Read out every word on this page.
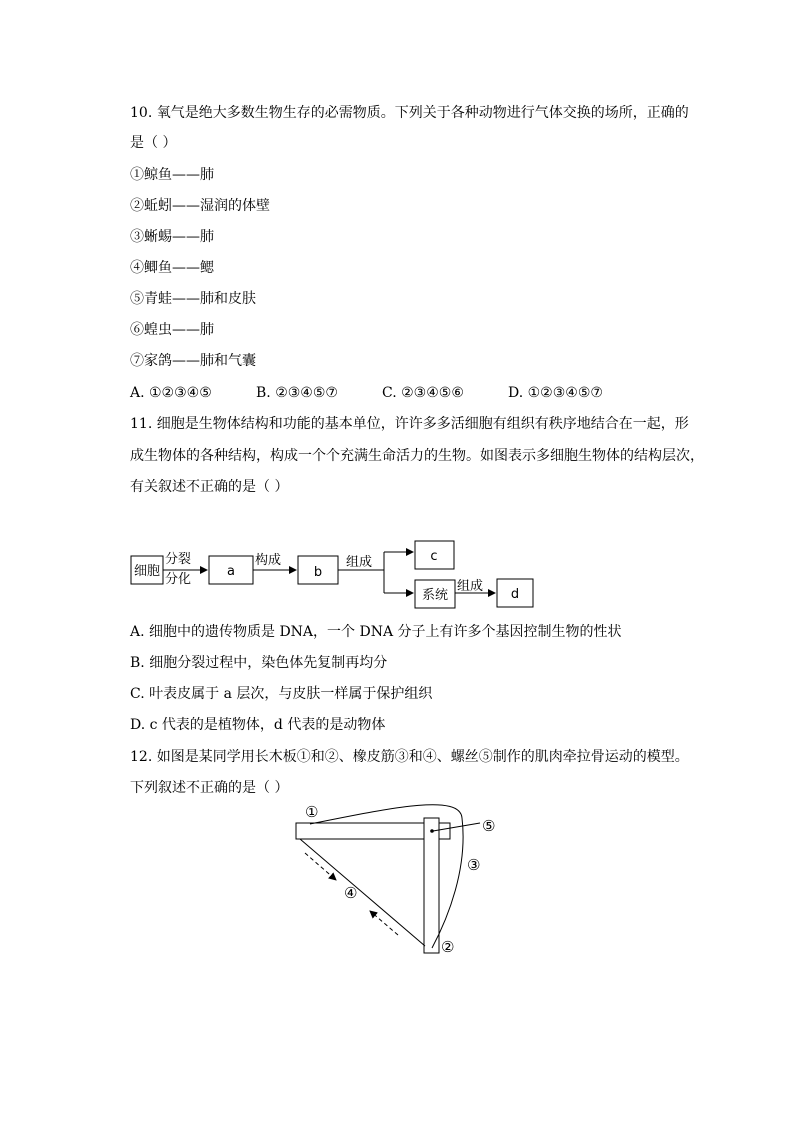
10. 氧气是绝大多数生物生存的必需物质。下列关于各种动物进行气体交换的场所，正确的
是（ ）
①鲸鱼——肺
②蚯蚓——湿润的体壁
③蜥蜴——肺
④鲫鱼——鳃
⑤青蛙——肺和皮肤
⑥蝗虫——肺
⑦家鸽——肺和气囊
A. ①②③④⑤	B. ②③④⑤⑦	C. ②③④⑤⑥	D. ①②③④⑤⑦
11. 细胞是生物体结构和功能的基本单位，许许多多活细胞有组织有秩序地结合在一起，形
成生物体的各种结构，构成一个个充满生命活力的生物。如图表示多细胞生物体的结构层次，
有关叙述不正确的是（ ）
细胞
分裂
分化
a
构成
b
组成	c
系统
组成
d
A. 细胞中的遗传物质是 DNA，一个 DNA 分子上有许多个基因控制生物的性状
B. 细胞分裂过程中，染色体先复制再均分
C. 叶表皮属于 a 层次，与皮肤一样属于保护组织
D. c 代表的是植物体，d 代表的是动物体
12. 如图是某同学用长木板①和②、橡皮筋③和④、螺丝⑤制作的肌肉牵拉骨运动的模型。
下列叙述不正确的是（ ）
①
②
③
④
⑤
